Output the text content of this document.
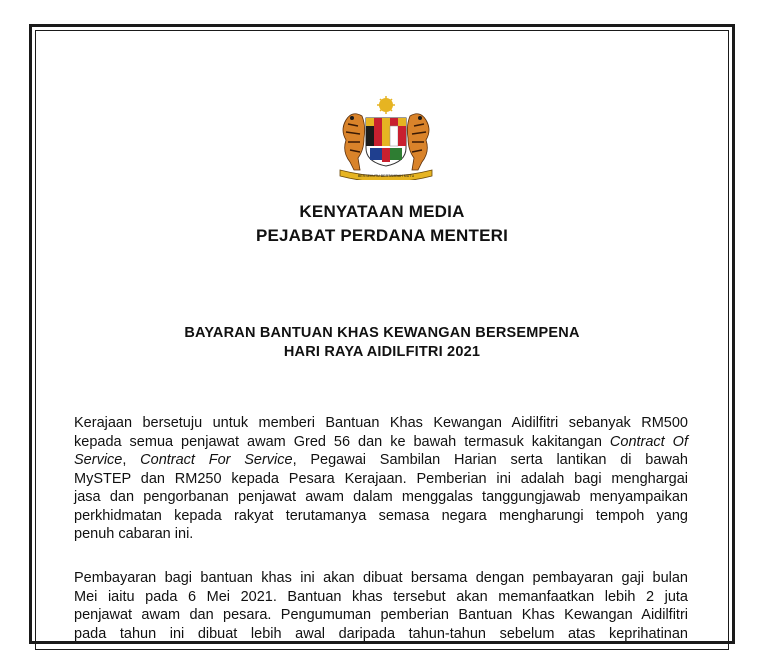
BERSEKUTU BERTAMBAH MUTU
KENYATAAN MEDIA
PEJABAT PERDANA MENTERI
BAYARAN BANTUAN KHAS KEWANGAN BERSEMPENA
HARI RAYA AIDILFITRI 2021
Kerajaan bersetuju untuk memberi Bantuan Khas Kewangan Aidilfitri sebanyak RM500
kepada semua penjawat awam Gred 56 dan ke bawah termasuk kakitangan Contract Of
Service, Contract For Service, Pegawai Sambilan Harian serta lantikan di bawah
MySTEP dan RM250 kepada Pesara Kerajaan. Pemberian ini adalah bagi menghargai
jasa dan pengorbanan penjawat awam dalam menggalas tanggungjawab menyampaikan
perkhidmatan kepada rakyat terutamanya semasa negara mengharungi tempoh yang
penuh cabaran ini.
Pembayaran bagi bantuan khas ini akan dibuat bersama dengan pembayaran gaji bulan
Mei iaitu pada 6 Mei 2021. Bantuan khas tersebut akan memanfaatkan lebih 2 juta
penjawat awam dan pesara. Pengumuman pemberian Bantuan Khas Kewangan Aidilfitri
pada tahun ini dibuat lebih awal daripada tahun-tahun sebelum atas keprihatinan
